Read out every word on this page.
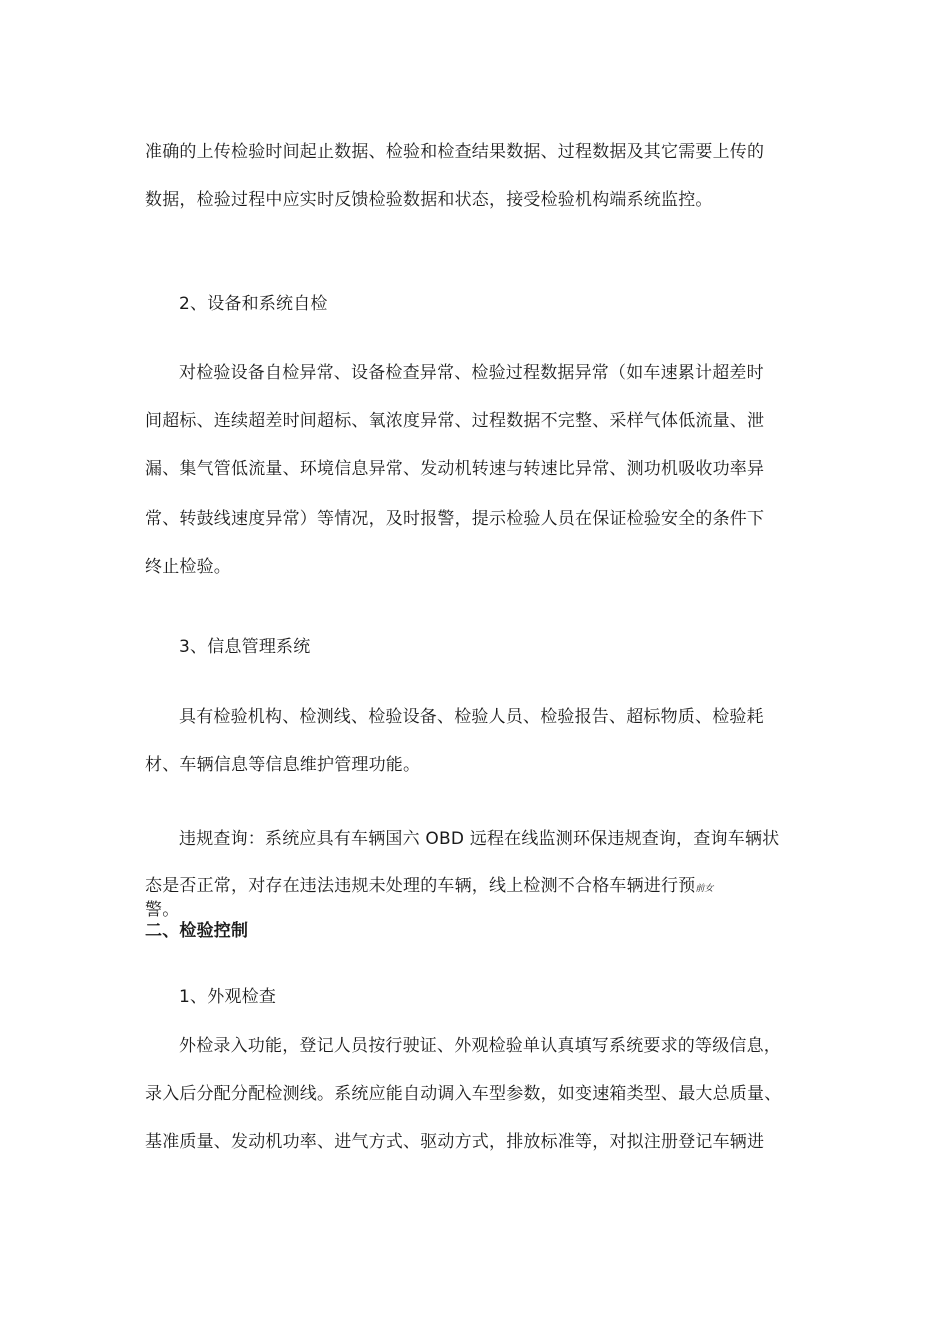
准确的上传检验时间起止数据、检验和检查结果数据、过程数据及其它需要上传的
数据，检验过程中应实时反馈检验数据和状态，接受检验机构端系统监控。
2、设备和系统自检
对检验设备自检异常、设备检查异常、检验过程数据异常（如车速累计超差时
间超标、连续超差时间超标、氧浓度异常、过程数据不完整、采样气体低流量、泄
漏、集气管低流量、环境信息异常、发动机转速与转速比异常、测功机吸收功率异
常、转鼓线速度异常）等情况，及时报警，提示检验人员在保证检验安全的条件下
终止检验。
3、信息管理系统
具有检验机构、检测线、检验设备、检验人员、检验报告、超标物质、检验耗
材、车辆信息等信息维护管理功能。
违规查询：系统应具有车辆国六 OBD 远程在线监测环保违规查询，查询车辆状
态是否正常，对存在违法违规未处理的车辆，线上检测不合格车辆进行预前女
警。
二、检验控制
1、外观检查
外检录入功能，登记人员按行驶证、外观检验单认真填写系统要求的等级信息，
录入后分配分配检测线。系统应能自动调入车型参数，如变速箱类型、最大总质量、
基准质量、发动机功率、进气方式、驱动方式，排放标准等，对拟注册登记车辆进
